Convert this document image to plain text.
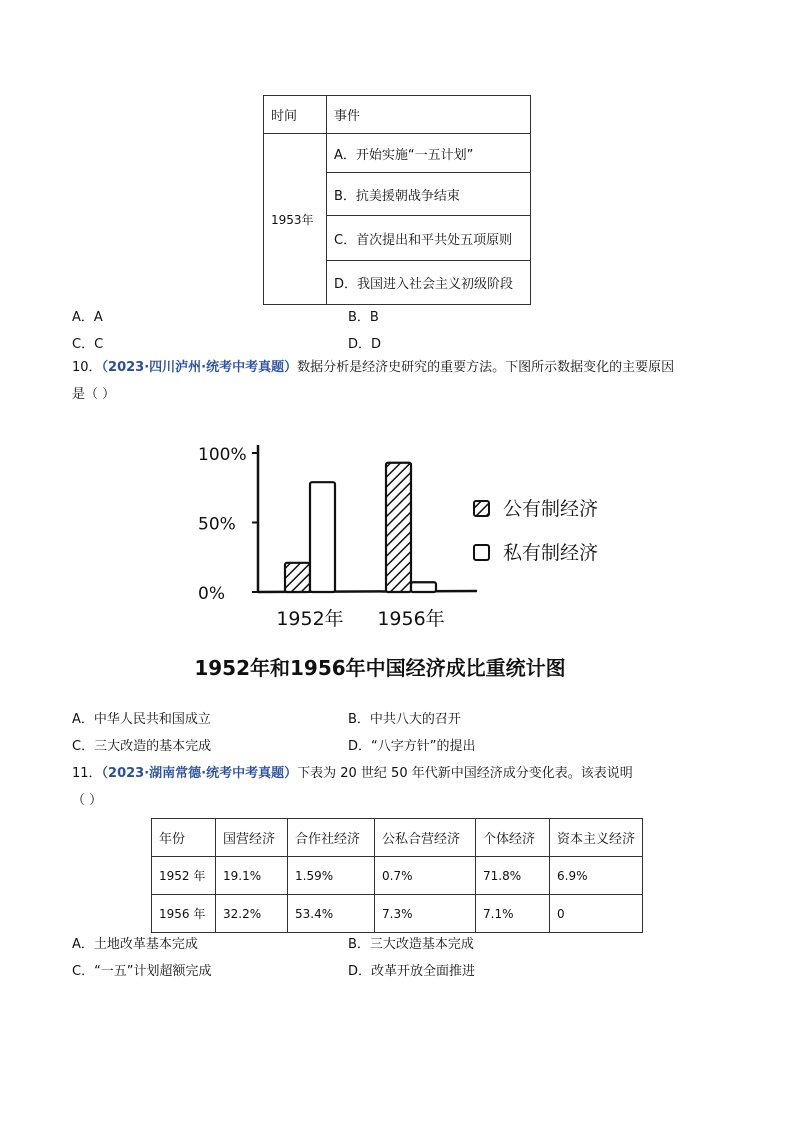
时间	事件
1953年	A．开始实施“一五计划”
	B．抗美援朝战争结束
	C．首次提出和平共处五项原则
	D．我国进入社会主义初级阶段
A．A	B．B
C．C	D．D
10．（2023·四川泸州·统考中考真题）数据分析是经济史研究的重要方法。下图所示数据变化的主要原因
是（ ）
100%
50%
0%
1952年 1956年
公有制经济
私有制经济
1952年和1956年中国经济成比重统计图
A．中华人民共和国成立	B．中共八大的召开
C．三大改造的基本完成	D．“八字方针”的提出
11．（2023·湖南常德·统考中考真题）下表为 20 世纪 50 年代新中国经济成分变化表。该表说明
（ ）
年份	国营经济	合作社经济	公私合营经济	个体经济	资本主义经济
1952 年	19.1%	1.59%	0.7%	71.8%	6.9%
1956 年	32.2%	53.4%	7.3%	7.1%	0
A．土地改革基本完成	B．三大改造基本完成
C．“一五”计划超额完成	D．改革开放全面推进
